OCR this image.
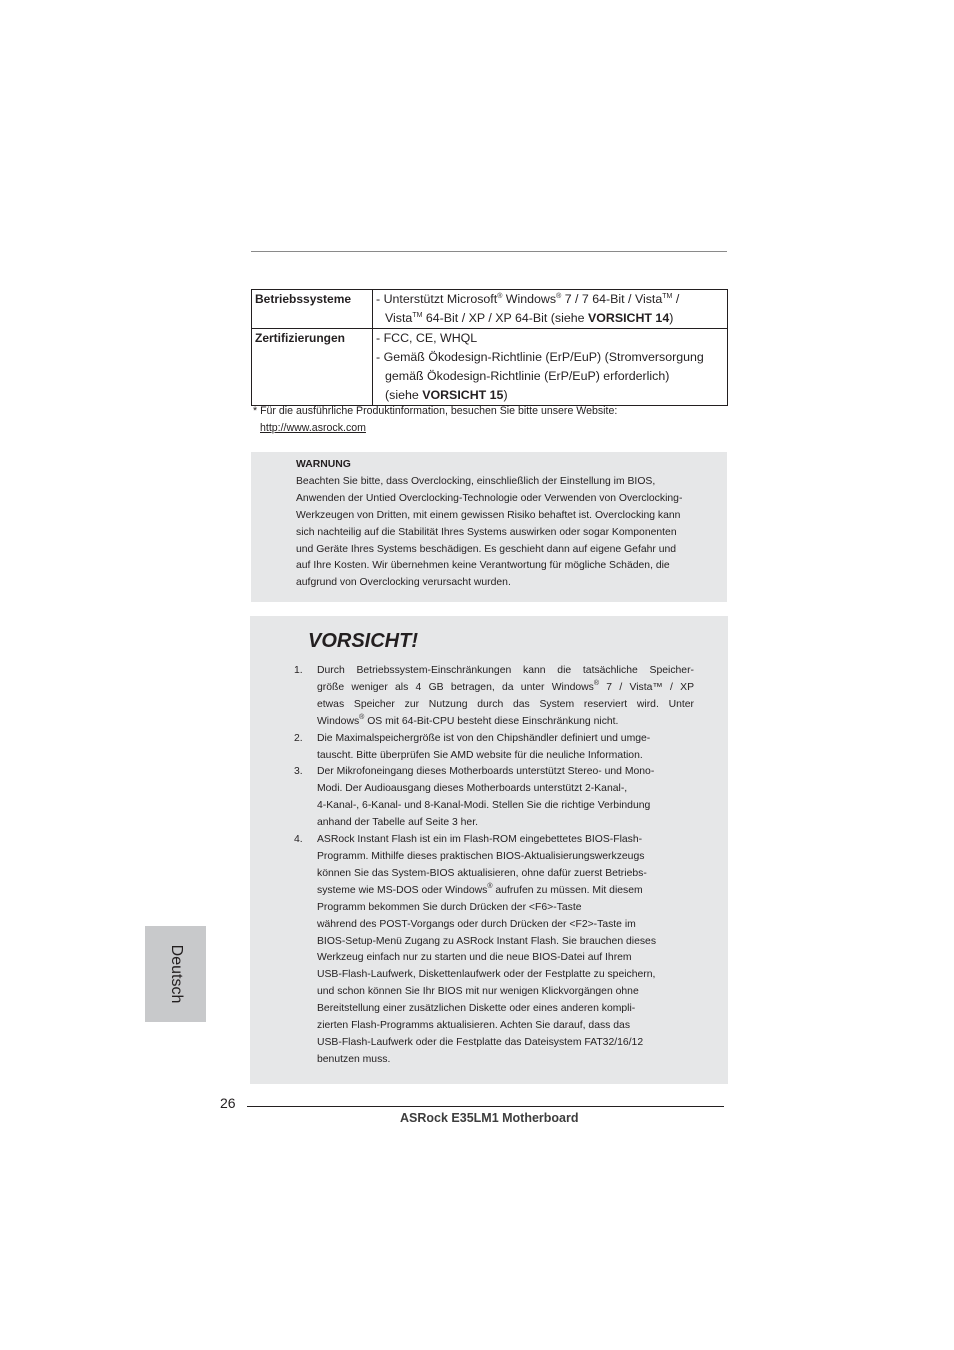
Betriebssysteme	- Unterstützt Microsoft® Windows® 7 / 7 64-Bit / Vista™ /
Vista™ 64-Bit / XP / XP 64-Bit (siehe VORSICHT 14)

Zertifizierungen	- FCC, CE, WHQL
- Gemäß Ökodesign-Richtlinie (ErP/EuP) (Stromversorgung
gemäß Ökodesign-Richtlinie (ErP/EuP) erforderlich)
(siehe VORSICHT 15)
* Für die ausführliche Produktinformation, besuchen Sie bitte unsere Website:
http://www.asrock.com
WARNUNG
Beachten Sie bitte, dass Overclocking, einschließlich der Einstellung im BIOS,
Anwenden der Untied Overclocking-Technologie oder Verwenden von Overclocking-
Werkzeugen von Dritten, mit einem gewissen Risiko behaftet ist. Overclocking kann
sich nachteilig auf die Stabilität Ihres Systems auswirken oder sogar Komponenten
und Geräte Ihres Systems beschädigen. Es geschieht dann auf eigene Gefahr und
auf Ihre Kosten. Wir übernehmen keine Verantwortung für mögliche Schäden, die
aufgrund von Overclocking verursacht wurden.
VORSICHT!
1.	Durch Betriebssystem-Einschränkungen kann die tatsächliche Speicher-
größe weniger als 4 GB betragen, da unter Windows® 7 / Vista™ / XP
etwas Speicher zur Nutzung durch das System reserviert wird. Unter
Windows® OS mit 64-Bit-CPU besteht diese Einschränkung nicht.
2.	Die Maximalspeichergröße ist von den Chipshändler definiert und umge-
tauscht. Bitte überprüfen Sie AMD website für die neuliche Information.
3.	Der Mikrofoneingang dieses Motherboards unterstützt Stereo- und Mono-
Modi. Der Audioausgang dieses Motherboards unterstützt 2-Kanal-,
4-Kanal-, 6-Kanal- und 8-Kanal-Modi. Stellen Sie die richtige Verbindung
anhand der Tabelle auf Seite 3 her.
4.	ASRock Instant Flash ist ein im Flash-ROM eingebettetes BIOS-Flash-
Programm. Mithilfe dieses praktischen BIOS-Aktualisierungswerkzeugs
können Sie das System-BIOS aktualisieren, ohne dafür zuerst Betriebs-
systeme wie MS-DOS oder Windows® aufrufen zu müssen. Mit diesem
Programm bekommen Sie durch Drücken der <F6>-Taste
während des POST-Vorgangs oder durch Drücken der <F2>-Taste im
BIOS-Setup-Menü Zugang zu ASRock Instant Flash. Sie brauchen dieses
Werkzeug einfach nur zu starten und die neue BIOS-Datei auf Ihrem
USB-Flash-Laufwerk, Diskettenlaufwerk oder der Festplatte zu speichern,
und schon können Sie Ihr BIOS mit nur wenigen Klickvorgängen ohne
Bereitstellung einer zusätzlichen Diskette oder eines anderen kompli-
zierten Flash-Programms aktualisieren. Achten Sie darauf, dass das
USB-Flash-Laufwerk oder die Festplatte das Dateisystem FAT32/16/12
benutzen muss.
Deutsch
26
ASRock E35LM1 Motherboard
